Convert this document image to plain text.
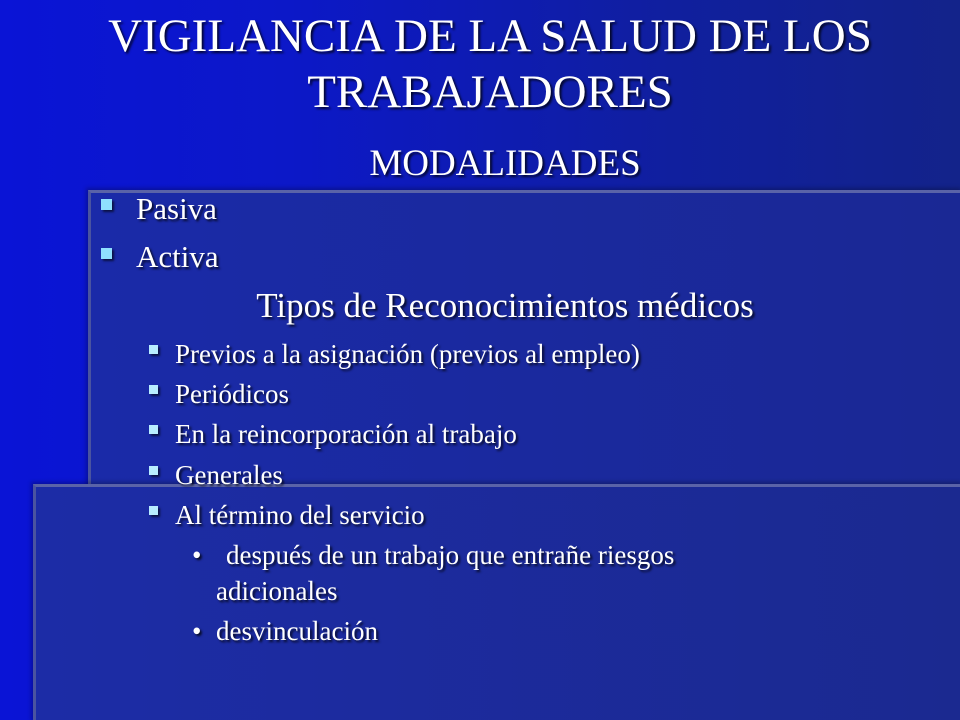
VIGILANCIA DE LA SALUD DE LOS TRABAJADORES
MODALIDADES
Pasiva
Activa
Tipos de Reconocimientos médicos
Previos a la asignación (previos al empleo)
Periódicos
En la reincorporación al trabajo
Generales
Al término del servicio
• después de un trabajo que entrañe riesgos
adicionales
• desvinculación
